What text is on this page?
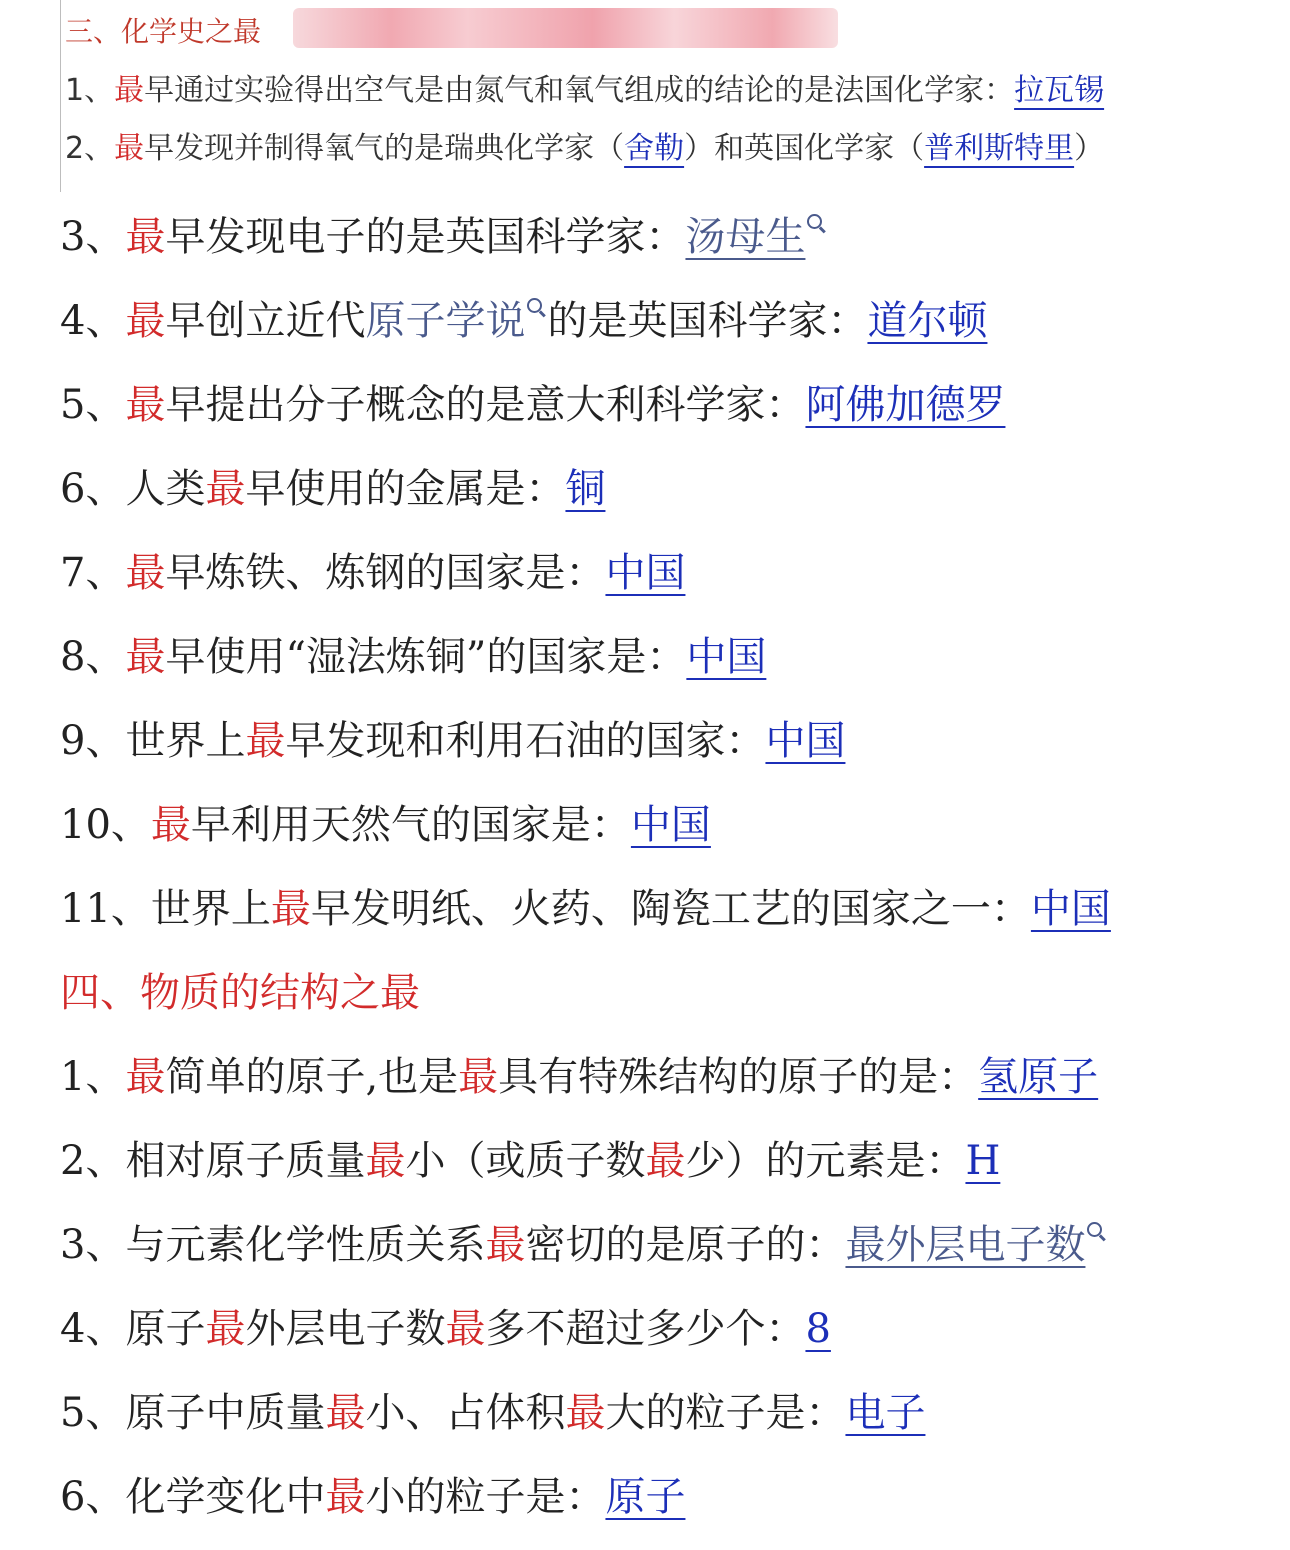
三、化学史之最
1、最早通过实验得出空气是由氮气和氧气组成的结论的是法国化学家：拉瓦锡
2、最早发现并制得氧气的是瑞典化学家（舍勒）和英国化学家（普利斯特里）
3、最早发现电子的是英国科学家：汤母生
4、最早创立近代原子学说 的是英国科学家：道尔顿
5、最早提出分子概念的是意大利科学家：阿佛加德罗
6、人类最早使用的金属是：铜
7、最早炼铁、炼钢的国家是：中国
8、最早使用“湿法炼铜”的国家是：中国
9、世界上最早发现和利用石油的国家：中国
10、最早利用天然气的国家是：中国
11、世界上最早发明纸、火药、陶瓷工艺的国家之一：中国
四、物质的结构之最
1、最简单的原子,也是最具有特殊结构的原子的是：氢原子
2、相对原子质量最小（或质子数最少）的元素是：H
3、与元素化学性质关系最密切的是原子的：最外层电子数
4、原子最外层电子数最多不超过多少个：8
5、原子中质量最小、占体积最大的粒子是：电子
6、化学变化中最小的粒子是：原子
